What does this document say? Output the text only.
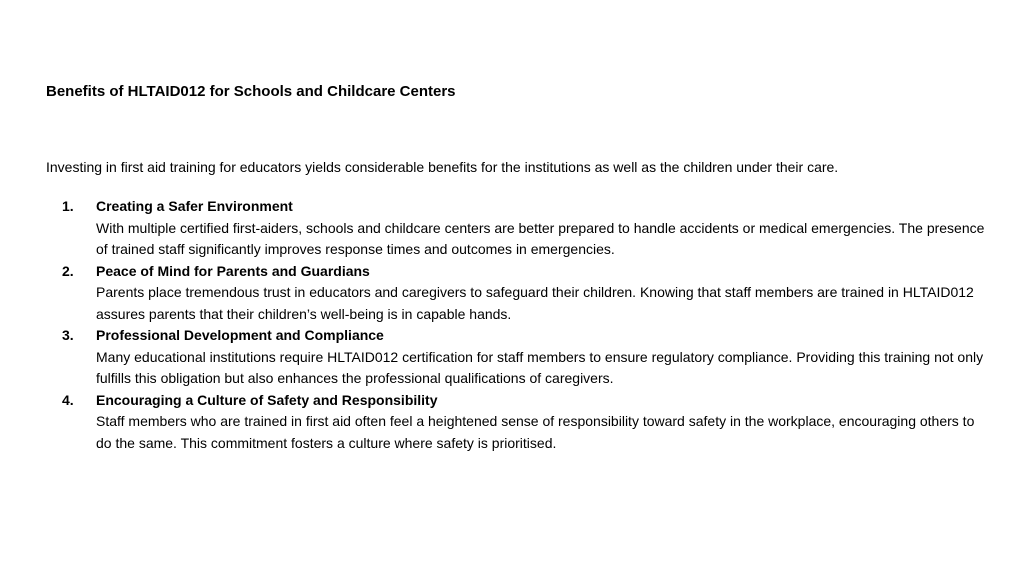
Benefits of HLTAID012 for Schools and Childcare Centers

Investing in first aid training for educators yields considerable benefits for the institutions as well as the children under their care.

1. Creating a Safer Environment
With multiple certified first-aiders, schools and childcare centers are better prepared to handle accidents or medical emergencies. The presence of trained staff significantly improves response times and outcomes in emergencies.
2. Peace of Mind for Parents and Guardians
Parents place tremendous trust in educators and caregivers to safeguard their children. Knowing that staff members are trained in HLTAID012 assures parents that their children’s well-being is in capable hands.
3. Professional Development and Compliance
Many educational institutions require HLTAID012 certification for staff members to ensure regulatory compliance. Providing this training not only fulfills this obligation but also enhances the professional qualifications of caregivers.
4. Encouraging a Culture of Safety and Responsibility
Staff members who are trained in first aid often feel a heightened sense of responsibility toward safety in the workplace, encouraging others to do the same. This commitment fosters a culture where safety is prioritised.
